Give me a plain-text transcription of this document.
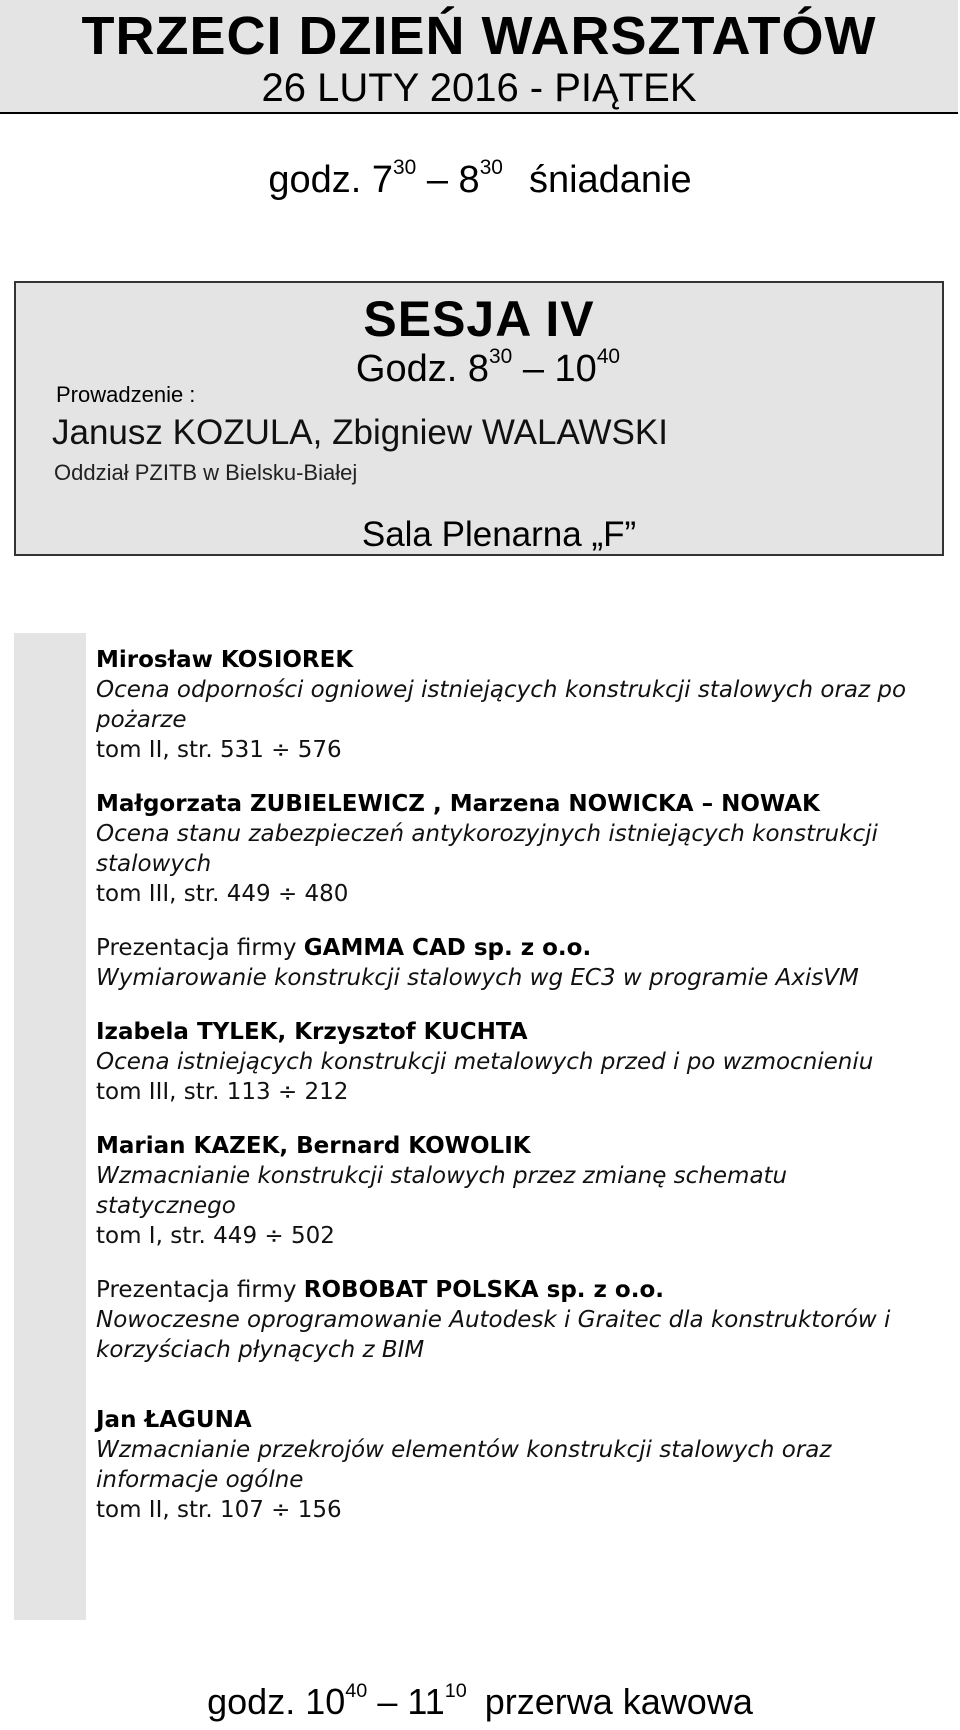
TRZECI DZIEŃ WARSZTATÓW
26 LUTY 2016 - PIĄTEK
godz. $7^{30} - 8^{30}$ śniadanie
SESJA IV
Godz. $8^{30} - 10^{40}$
Prowadzenie :
Janusz KOZULA, Zbigniew WALAWSKI
Oddział PZITB w Bielsku-Białej
Sala Plenarna „F”
Mirosław KOSIOREK
Ocena odporności ogniowej istniejących konstrukcji stalowych oraz po pożarze
tom II, str. 531 ÷ 576
Małgorzata ZUBIELEWICZ , Marzena NOWICKA – NOWAK
Ocena stanu zabezpieczeń antykorozyjnych istniejących konstrukcji stalowych
tom III, str. 449 ÷ 480
Prezentacja firmy GAMMA CAD sp. z o.o.
Wymiarowanie konstrukcji stalowych wg EC3 w programie AxisVM
Izabela TYLEK, Krzysztof KUCHTA
Ocena istniejących konstrukcji metalowych przed i po wzmocnieniu
tom III, str. 113 ÷ 212
Marian KAZEK, Bernard KOWOLIK
Wzmacnianie konstrukcji stalowych przez zmianę schematu statycznego
tom I, str. 449 ÷ 502
Prezentacja firmy ROBOBAT POLSKA sp. z o.o.
Nowoczesne oprogramowanie Autodesk i Graitec dla konstruktorów i korzyściach płynących z BIM
Jan ŁAGUNA
Wzmacnianie przekrojów elementów konstrukcji stalowych oraz informacje ogólne
tom II, str. 107 ÷ 156
godz. $10^{40} - 11^{10}$ przerwa kawowa
